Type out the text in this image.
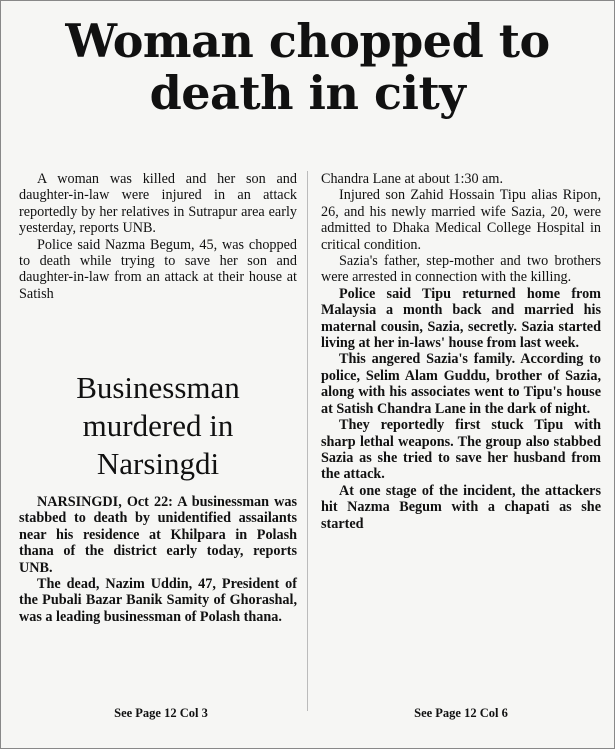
Woman chopped to death in city

A woman was killed and her son and daughter-in-law were injured in an attack reportedly by her relatives in Sutrapur area early yesterday, reports UNB.

Police said Nazma Begum, 45, was chopped to death while trying to save her son and daughter-in-law from an attack at their house at Satish

Businessman murdered in Narsingdi

NARSINGDI, Oct 22: A businessman was stabbed to death by unidentified assailants near his residence at Khilpara in Polash thana of the district early today, reports UNB.

The dead, Nazim Uddin, 47, President of the Pubali Bazar Banik Samity of Ghorashal, was a leading businessman of Polash thana.

Chandra Lane at about 1:30 am.

Injured son Zahid Hossain Tipu alias Ripon, 26, and his newly married wife Sazia, 20, were admitted to Dhaka Medical College Hospital in critical condition.

Sazia's father, step-mother and two brothers were arrested in connection with the killing.

Police said Tipu returned home from Malaysia a month back and married his maternal cousin, Sazia, secretly. Sazia started living at her in-laws' house from last week.

This angered Sazia's family. According to police, Selim Alam Guddu, brother of Sazia, along with his associates went to Tipu's house at Satish Chandra Lane in the dark of night.

They reportedly first stuck Tipu with sharp lethal weapons. The group also stabbed Sazia as she tried to save her husband from the attack.

At one stage of the incident, the attackers hit Nazma Begum with a chapati as she started

See Page 12 Col 3	See Page 12 Col 6
